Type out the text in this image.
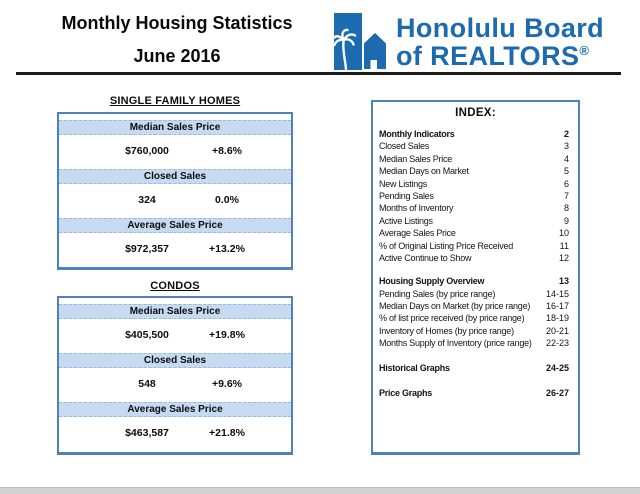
Monthly Housing Statistics
June 2016
Honolulu Board
of REALTORS®
SINGLE FAMILY HOMES
Median Sales Price
$760,000	+8.6%
Closed Sales
324	0.0%
Average Sales Price
$972,357	+13.2%
CONDOS
Median Sales Price
$405,500	+19.8%
Closed Sales
548	+9.6%
Average Sales Price
$463,587	+21.8%
INDEX:
Monthly Indicators	2
Closed Sales	3
Median Sales Price	4
Median Days on Market	5
New Listings	6
Pending Sales	7
Months of Inventory	8
Active Listings	9
Average Sales Price	10
% of Original Listing Price Received	11
Active Continue to Show	12
Housing Supply Overview	13
Pending Sales (by price range)	14-15
Median Days on Market (by price range) 16-17
% of list price received (by price range) 18-19
Inventory of Homes (by price range)	20-21
Months Supply of Inventory (price range) 22-23
Historical Graphs	24-25
Price Graphs	26-27
